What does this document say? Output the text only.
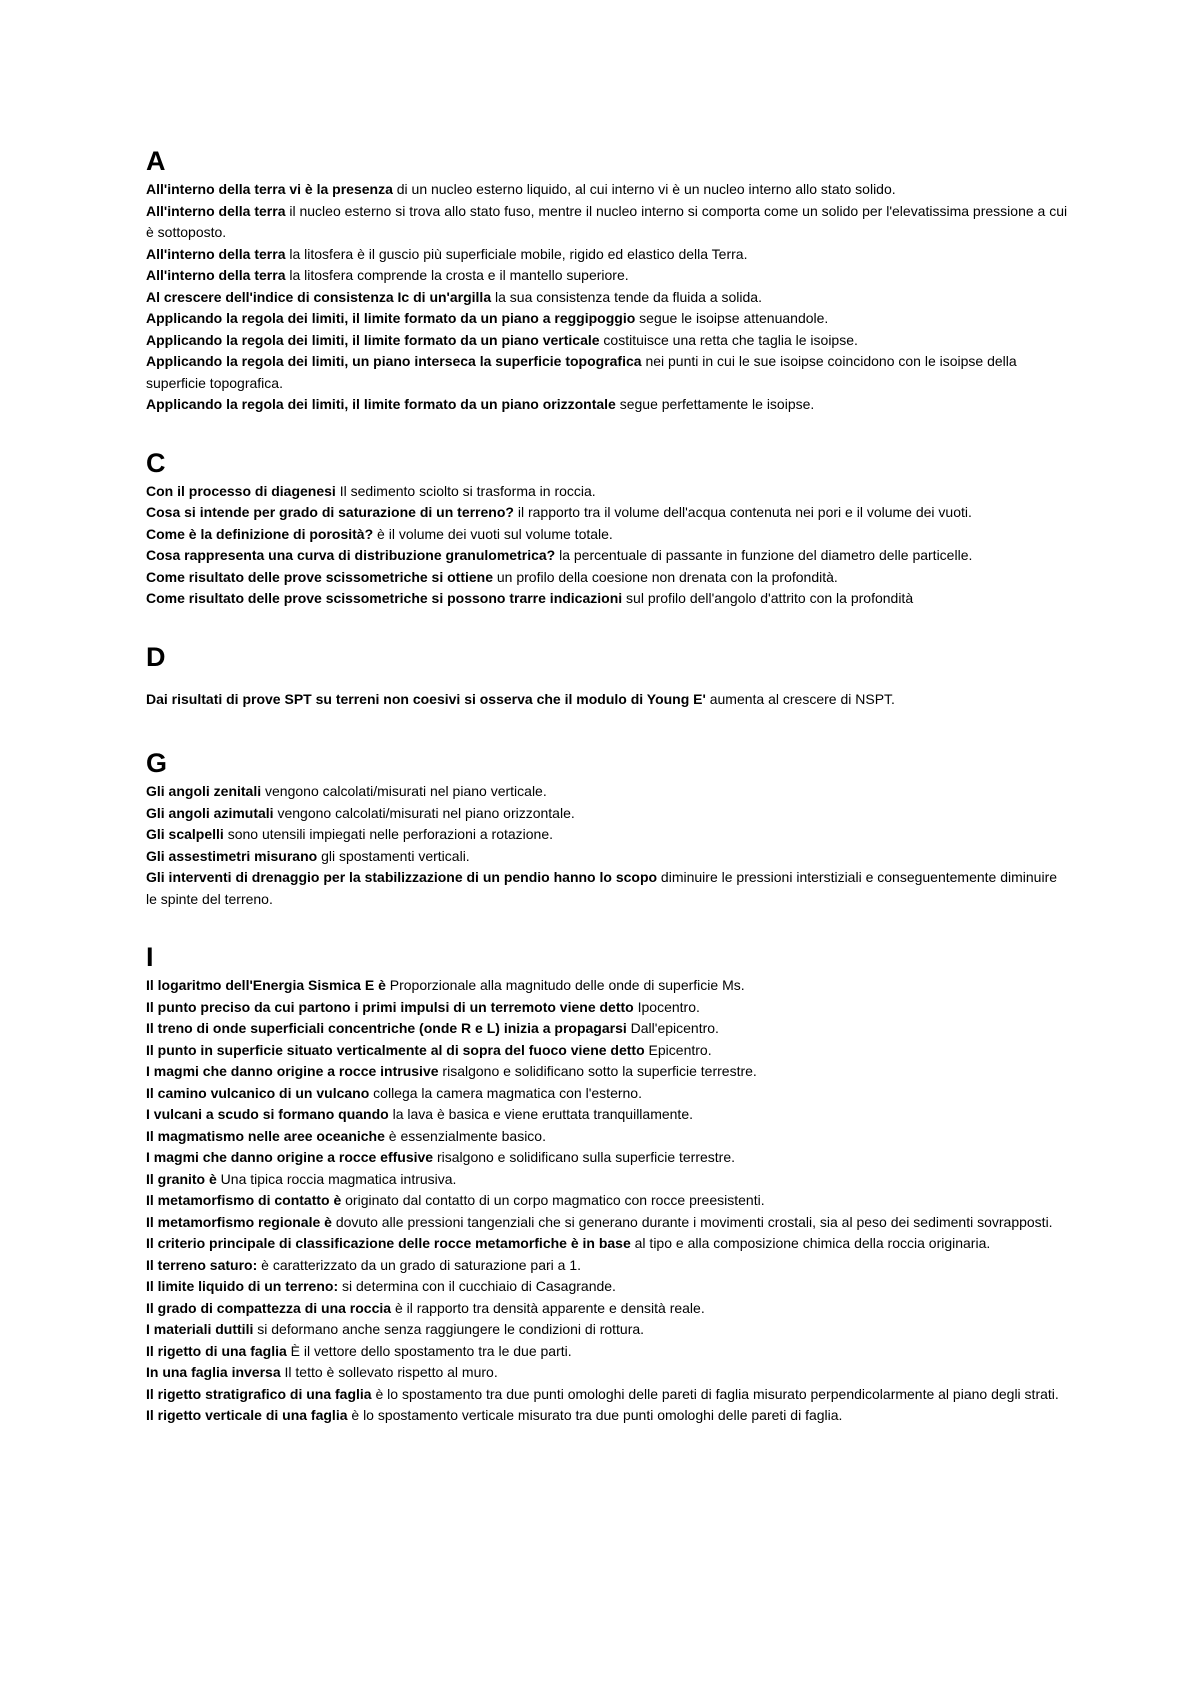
A

All'interno della terra vi è la presenza di un nucleo esterno liquido, al cui interno vi è un nucleo interno allo stato solido.

All'interno della terra il nucleo esterno si trova allo stato fuso, mentre il nucleo interno si comporta come un solido per l'elevatissima pressione a cui è sottoposto.

All'interno della terra la litosfera è il guscio più superficiale mobile, rigido ed elastico della Terra.

All'interno della terra la litosfera comprende la crosta e il mantello superiore.

Al crescere dell'indice di consistenza Ic di un'argilla la sua consistenza tende da fluida a solida.

Applicando la regola dei limiti, il limite formato da un piano a reggipoggio segue le isoipse attenuandole.

Applicando la regola dei limiti, il limite formato da un piano verticale costituisce una retta che taglia le isoipse.

Applicando la regola dei limiti, un piano interseca la superficie topografica nei punti in cui le sue isoipse coincidono con le isoipse della superficie topografica.

Applicando la regola dei limiti, il limite formato da un piano orizzontale segue perfettamente le isoipse.

C

Con il processo di diagenesi Il sedimento sciolto si trasforma in roccia.

Cosa si intende per grado di saturazione di un terreno? il rapporto tra il volume dell'acqua contenuta nei pori e il volume dei vuoti.

Come è la definizione di porosità? è il volume dei vuoti sul volume totale.

Cosa rappresenta una curva di distribuzione granulometrica? la percentuale di passante in funzione del diametro delle particelle.

Come risultato delle prove scissometriche si ottiene un profilo della coesione non drenata con la profondità.

Come risultato delle prove scissometriche si possono trarre indicazioni sul profilo dell'angolo d'attrito con la profondità

D

Dai risultati di prove SPT su terreni non coesivi si osserva che il modulo di Young E' aumenta al crescere di NSPT.

G

Gli angoli zenitali vengono calcolati/misurati nel piano verticale.

Gli angoli azimutali vengono calcolati/misurati nel piano orizzontale.

Gli scalpelli sono utensili impiegati nelle perforazioni a rotazione.

Gli assestimetri misurano gli spostamenti verticali.

Gli interventi di drenaggio per la stabilizzazione di un pendio hanno lo scopo diminuire le pressioni interstiziali e conseguentemente diminuire le spinte del terreno.

I

Il logaritmo dell'Energia Sismica E è Proporzionale alla magnitudo delle onde di superficie Ms.

Il punto preciso da cui partono i primi impulsi di un terremoto viene detto Ipocentro.

Il treno di onde superficiali concentriche (onde R e L) inizia a propagarsi Dall'epicentro.

Il punto in superficie situato verticalmente al di sopra del fuoco viene detto Epicentro.

I magmi che danno origine a rocce intrusive risalgono e solidificano sotto la superficie terrestre.

Il camino vulcanico di un vulcano collega la camera magmatica con l'esterno.

I vulcani a scudo si formano quando la lava è basica e viene eruttata tranquillamente.

Il magmatismo nelle aree oceaniche è essenzialmente basico.

I magmi che danno origine a rocce effusive risalgono e solidificano sulla superficie terrestre.

Il granito è Una tipica roccia magmatica intrusiva.

Il metamorfismo di contatto è originato dal contatto di un corpo magmatico con rocce preesistenti.

Il metamorfismo regionale è dovuto alle pressioni tangenziali che si generano durante i movimenti crostali, sia al peso dei sedimenti sovrapposti.

Il criterio principale di classificazione delle rocce metamorfiche è in base al tipo e alla composizione chimica della roccia originaria.

Il terreno saturo: è caratterizzato da un grado di saturazione pari a 1.

Il limite liquido di un terreno: si determina con il cucchiaio di Casagrande.

Il grado di compattezza di una roccia è il rapporto tra densità apparente e densità reale.

I materiali duttili si deformano anche senza raggiungere le condizioni di rottura.

Il rigetto di una faglia È il vettore dello spostamento tra le due parti.

In una faglia inversa Il tetto è sollevato rispetto al muro.

Il rigetto stratigrafico di una faglia è lo spostamento tra due punti omologhi delle pareti di faglia misurato perpendicolarmente al piano degli strati.

Il rigetto verticale di una faglia è lo spostamento verticale misurato tra due punti omologhi delle pareti di faglia.
